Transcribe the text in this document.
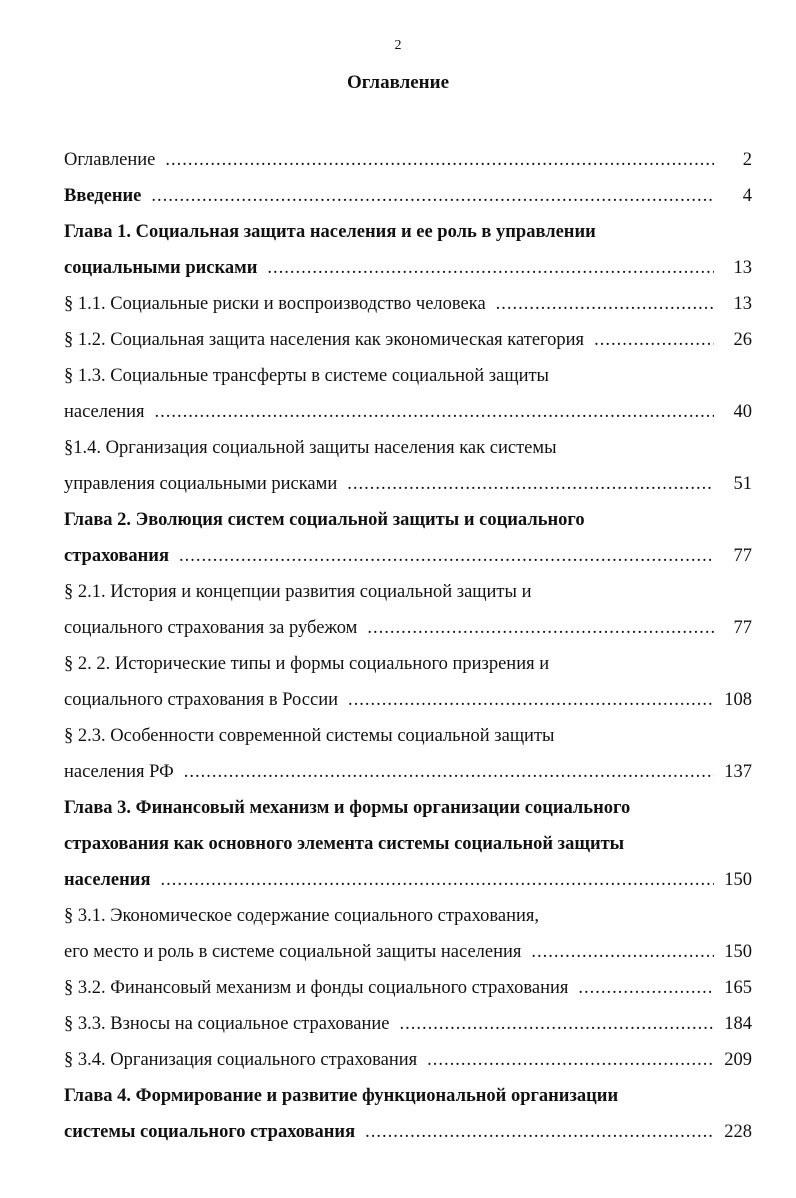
2
Оглавление
Оглавление .....	2
Введение .....	4
Глава 1. Социальная защита населения и ее роль в управлении
социальными рисками .....	13
§ 1.1. Социальные риски и воспроизводство человека .....	13
§ 1.2. Социальная защита населения как экономическая категория .....	26
§ 1.3. Социальные трансферты в системе социальной защиты
населения .....	40
§1.4. Организация социальной защиты населения как системы
управления социальными рисками .....	51
Глава 2. Эволюция систем социальной защиты и социального
страхования .....	77
§ 2.1. История и концепции развития социальной защиты и
социального страхования за рубежом .....	77
§ 2. 2. Исторические типы и формы социального призрения и
социального страхования в России .....	108
§ 2.3. Особенности современной системы социальной защиты
населения РФ .....	137
Глава 3. Финансовый механизм и формы организации социального
страхования как основного элемента системы социальной защиты
населения .....	150
§ 3.1. Экономическое содержание социального страхования,
его место и роль в системе социальной защиты населения .....	150
§ 3.2. Финансовый механизм и фонды социального страхования .....	165
§ 3.3. Взносы на социальное страхование .....	184
§ 3.4. Организация социального страхования .....	209
Глава 4. Формирование и развитие функциональной организации
системы социального страхования .....	228
